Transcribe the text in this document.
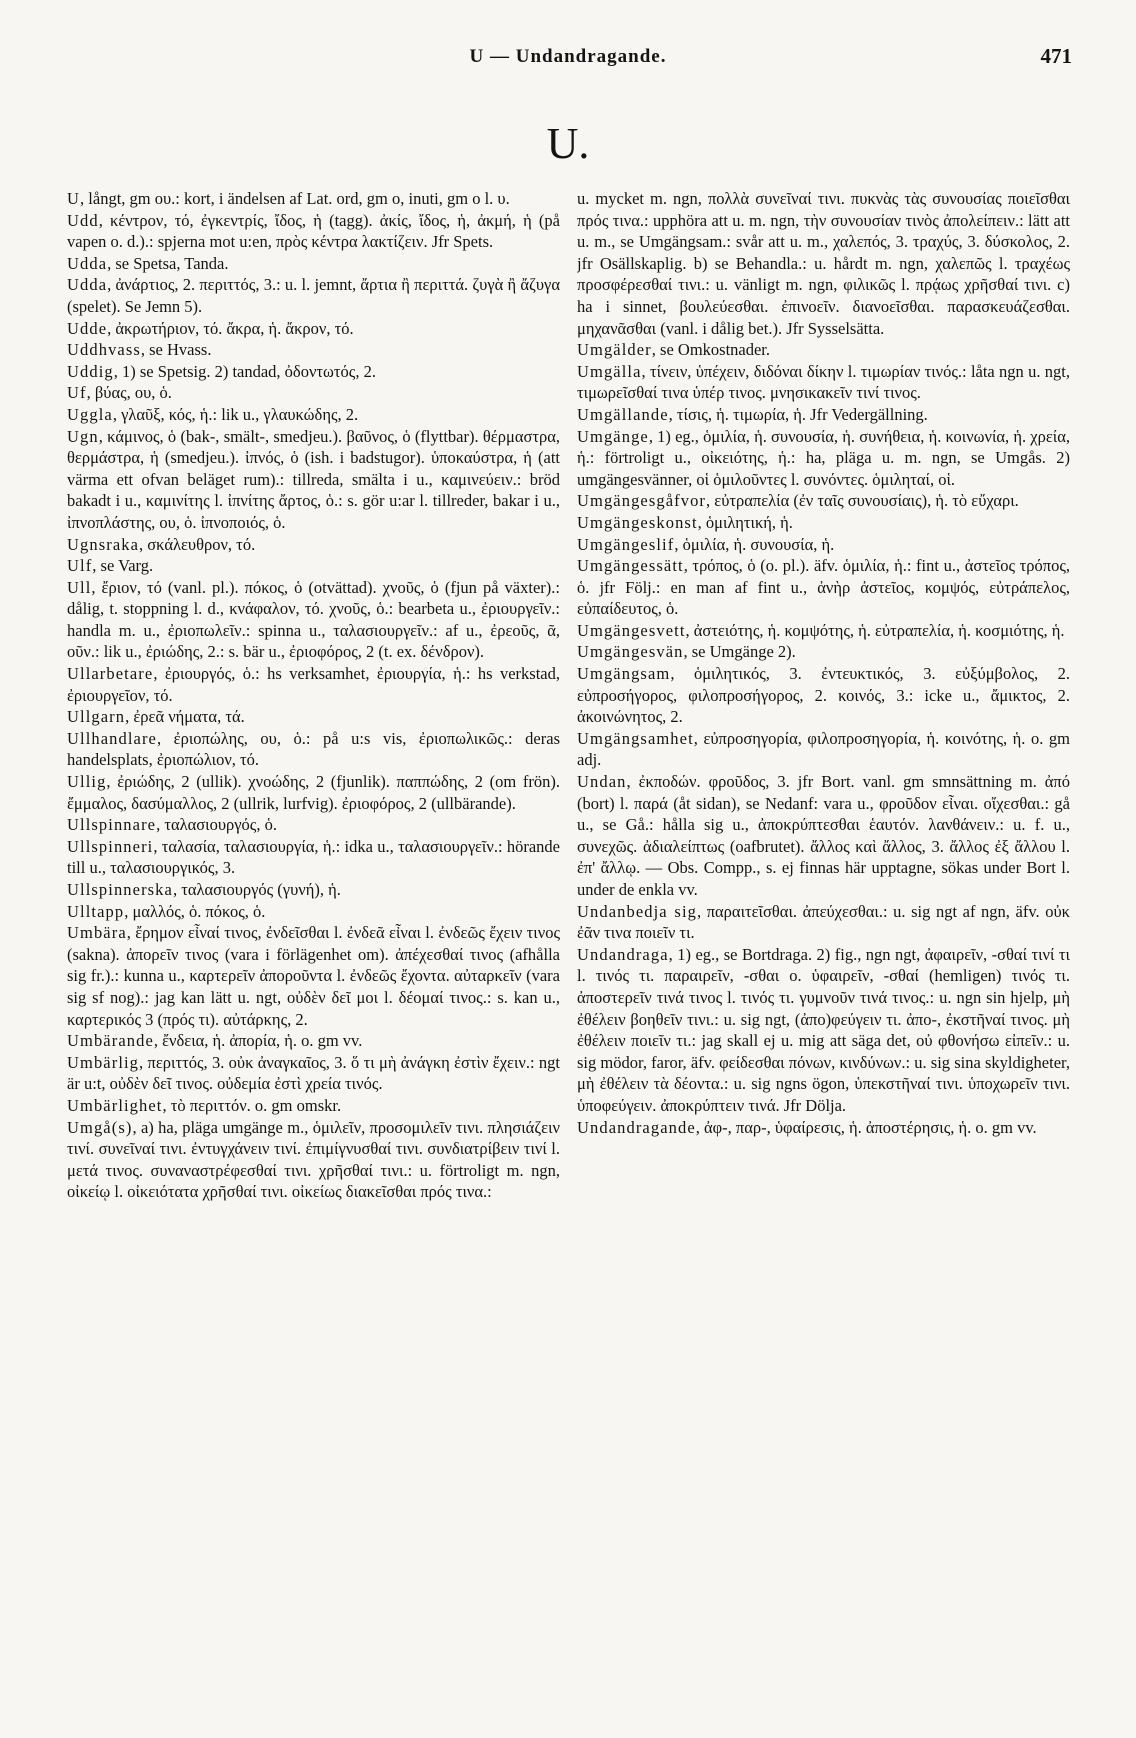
U — Undandragande.	471
U.

U, långt, gm ου.: kort, i ändelsen af Lat. ord, gm ο, inuti, gm ο l. υ.

Udd, κέντρον, τό, ἐγκεντρίς, ἴδος, ἡ (tagg). ἀκίς, ἴδος, ἡ, ἀκμή, ἡ (på vapen o. d.).: spjerna mot u:en, πρὸς κέντρα λακτίζειν. Jfr Spets.

Udda, se Spetsa, Tanda.

Udda, ἀνάρτιος, 2. περιττός, 3.: u. l. jemnt, ἄρτια ἢ περιττά. ζυγὰ ἢ ἄζυγα (spelet). Se Jemn 5).

Udde, ἀκρωτήριον, τό. ἄκρα, ἡ. ἄκρον, τό.

Uddhvass, se Hvass.

Uddig, 1) se Spetsig. 2) tandad, ὀδοντωτός, 2.

Uf, βύας, ου, ὁ.

Uggla, γλαῦξ, κός, ἡ.: lik u., γλαυκώδης, 2.

Ugn, κάμινος, ὁ (bak-, smält-, smedjeu.). βαῦνος, ὁ (flyttbar). θέρμαστρα, θερμάστρα, ἡ (smedjeu.). ἰπνός, ὁ (ish. i badstugor). ὑποκαύστρα, ἡ (att värma ett ofvan beläget rum).: tillreda, smälta i u., καμινεύειν.: bröd bakadt i u., καμινίτης l. ἰπνίτης ἄρτος, ὁ.: s. gör u:ar l. tillreder, bakar i u., ἰπνοπλάστης, ου, ὁ. ἰπνοποιός, ὁ.

Ugnsraka, σκάλευθρον, τό.

Ulf, se Varg.

Ull, ἔριον, τό (vanl. pl.). πόκος, ὁ (otvättad). χνοῦς, ὁ (fjun på växter).: dålig, t. stoppning l. d., κνάφαλον, τό. χνοῦς, ὁ.: bearbeta u., ἐριουργεῖν.: handla m. u., ἐριοπωλεῖν.: spinna u., ταλασιουργεῖν.: af u., ἐρεοῦς, ᾶ, οῦν.: lik u., ἐριώδης, 2.: s. bär u., ἐριοφόρος, 2 (t. ex. δένδρον).

Ullarbetare, ἐριουργός, ὁ.: hs verksamhet, ἐριουργία, ἡ.: hs verkstad, ἐριουργεῖον, τό.

Ullgarn, ἐρεᾶ νήματα, τά.

Ullhandlare, ἐριοπώλης, ου, ὁ.: på u:s vis, ἐριοπωλικῶς.: deras handelsplats, ἐριοπώλιον, τό.

Ullig, ἐριώδης, 2 (ullik). χνοώδης, 2 (fjunlik). παππώδης, 2 (om frön). ἔμμαλος, δασύμαλλος, 2 (ullrik, lurfvig). ἐριοφόρος, 2 (ullbärande).

Ullspinnare, ταλασιουργός, ὁ.

Ullspinneri, ταλασία, ταλασιουργία, ἡ.: idka u., ταλασιουργεῖν.: hörande till u., ταλασιουργικός, 3.

Ullspinnerska, ταλασιουργός (γυνή), ἡ.

Ulltapp, μαλλός, ὁ. πόκος, ὁ.

Umbära, ἔρημον εἶναί τινος, ἐνδεῖσθαι l. ἐνδεᾶ εἶναι l. ἐνδεῶς ἔχειν τινος (sakna). ἀπορεῖν τινος (vara i förlägenhet om). ἀπέχεσθαί τινος (afhålla sig fr.).: kunna u., καρτερεῖν ἀποροῦντα l. ἐνδεῶς ἔχοντα. αὐταρκεῖν (vara sig sf nog).: jag kan lätt u. ngt, οὐδὲν δεῖ μοι l. δέομαί τινος.: s. kan u., καρτερικός 3 (πρός τι). αὐτάρκης, 2.

Umbärande, ἔνδεια, ἡ. ἀπορία, ἡ. o. gm vv.

Umbärlig, περιττός, 3. οὐκ ἀναγκαῖος, 3. ὅ τι μὴ ἀνάγκη ἐστὶν ἔχειν.: ngt är u:t, οὐδὲν δεῖ τινος. οὐδεμία ἐστὶ χρεία τινός.

Umbärlighet, τὸ περιττόν. o. gm omskr.

Umgå(s), a) ha, pläga umgänge m., ὁμιλεῖν, προσομιλεῖν τινι. πλησιάζειν τινί. συνεῖναί τινι. ἐντυγχάνειν τινί. ἐπιμίγνυσθαί τινι. συνδιατρίβειν τινί l. μετά τινος. συναναστρέφεσθαί τινι. χρῆσθαί τινι.: u. förtroligt m. ngn, οἰκείῳ l. οἰκειότατα χρῆσθαί τινι. οἰκείως διακεῖσθαι πρός τινα.:

u. mycket m. ngn, πολλὰ συνεῖναί τινι. πυκνὰς τὰς συνουσίας ποιεῖσθαι πρός τινα.: upphöra att u. m. ngn, τὴν συνουσίαν τινὸς ἀπολείπειν.: lätt att u. m., se Umgängsam.: svår att u. m., χαλεπός, 3. τραχύς, 3. δύσκολος, 2. jfr Osällskaplig. b) se Behandla.: u. hårdt m. ngn, χαλεπῶς l. τραχέως προσφέρεσθαί τινι.: u. vänligt m. ngn, φιλικῶς l. πρᾴως χρῆσθαί τινι. c) ha i sinnet, βουλεύεσθαι. ἐπινοεῖν. διανοεῖσθαι. παρασκευάζεσθαι. μηχανᾶσθαι (vanl. i dålig bet.). Jfr Sysselsätta.

Umgälder, se Omkostnader.

Umgälla, τίνειν, ὑπέχειν, διδόναι δίκην l. τιμωρίαν τινός.: låta ngn u. ngt, τιμωρεῖσθαί τινα ὑπέρ τινος. μνησικακεῖν τινί τινος.

Umgällande, τίσις, ἡ. τιμωρία, ἡ. Jfr Vedergällning.

Umgänge, 1) eg., ὁμιλία, ἡ. συνουσία, ἡ. συνήθεια, ἡ. κοινωνία, ἡ. χρεία, ἡ.: förtroligt u., οἰκειότης, ἡ.: ha, pläga u. m. ngn, se Umgås. 2) umgängesvänner, οἱ ὁμιλοῦντες l. συνόντες. ὁμιληταί, οἱ.

Umgängesgåfvor, εὐτραπελία (ἐν ταῖς συνουσίαις), ἡ. τὸ εὔχαρι.

Umgängeskonst, ὁμιλητική, ἡ.

Umgängeslif, ὁμιλία, ἡ. συνουσία, ἡ.

Umgängessätt, τρόπος, ὁ (o. pl.). äfv. ὁμιλία, ἡ.: fint u., ἀστεῖος τρόπος, ὁ. jfr Följ.: en man af fint u., ἀνὴρ ἀστεῖος, κομψός, εὐτράπελος, εὐπαίδευτος, ὁ.

Umgängesvett, ἀστειότης, ἡ. κομψότης, ἡ. εὐτραπελία, ἡ. κοσμιότης, ἡ.

Umgängesvän, se Umgänge 2).

Umgängsam, ὁμιλητικός, 3. ἐντευκτικός, 3. εὐξύμβολος, 2. εὐπροσήγορος, φιλοπροσήγορος, 2. κοινός, 3.: icke u., ἄμικτος, 2. ἀκοινώνητος, 2.

Umgängsamhet, εὐπροσηγορία, φιλοπροσηγορία, ἡ. κοινότης, ἡ. o. gm adj.

Undan, ἐκποδών. φροῦδος, 3. jfr Bort. vanl. gm smnsättning m. ἀπό (bort) l. παρά (åt sidan), se Nedanf: vara u., φροῦδον εἶναι. οἴχεσθαι.: gå u., se Gå.: hålla sig u., ἀποκρύπτεσθαι ἑαυτόν. λανθάνειν.: u. f. u., συνεχῶς. ἀδιαλείπτως (oafbrutet). ἄλλος καὶ ἄλλος, 3. ἄλλος ἐξ ἄλλου l. ἐπ' ἄλλῳ. — Obs. Compp., s. ej finnas här upptagne, sökas under Bort l. under de enkla vv.

Undanbedja sig, παραιτεῖσθαι. ἀπεύχεσθαι.: u. sig ngt af ngn, äfv. οὐκ ἐᾶν τινα ποιεῖν τι.

Undandraga, 1) eg., se Bortdraga. 2) fig., ngn ngt, ἀφαιρεῖν, -σθαί τινί τι l. τινός τι. παραιρεῖν, -σθαι o. ὑφαιρεῖν, -σθαί (hemligen) τινός τι. ἀποστερεῖν τινά τινος l. τινός τι. γυμνοῦν τινά τινος.: u. ngn sin hjelp, μὴ ἐθέλειν βοηθεῖν τινι.: u. sig ngt, (ἀπο)φεύγειν τι. ἀπο-, ἐκστῆναί τινος. μὴ ἐθέλειν ποιεῖν τι.: jag skall ej u. mig att säga det, οὐ φθονήσω εἰπεῖν.: u. sig mödor, faror, äfv. φείδεσθαι πόνων, κινδύνων.: u. sig sina skyldigheter, μὴ ἐθέλειν τὰ δέοντα.: u. sig ngns ögon, ὑπεκστῆναί τινι. ὑποχωρεῖν τινι. ὑποφεύγειν. ἀποκρύπτειν τινά. Jfr Dölja.

Undandragande, ἀφ-, παρ-, ὑφαίρεσις, ἡ. ἀποστέρησις, ἡ. o. gm vv.
